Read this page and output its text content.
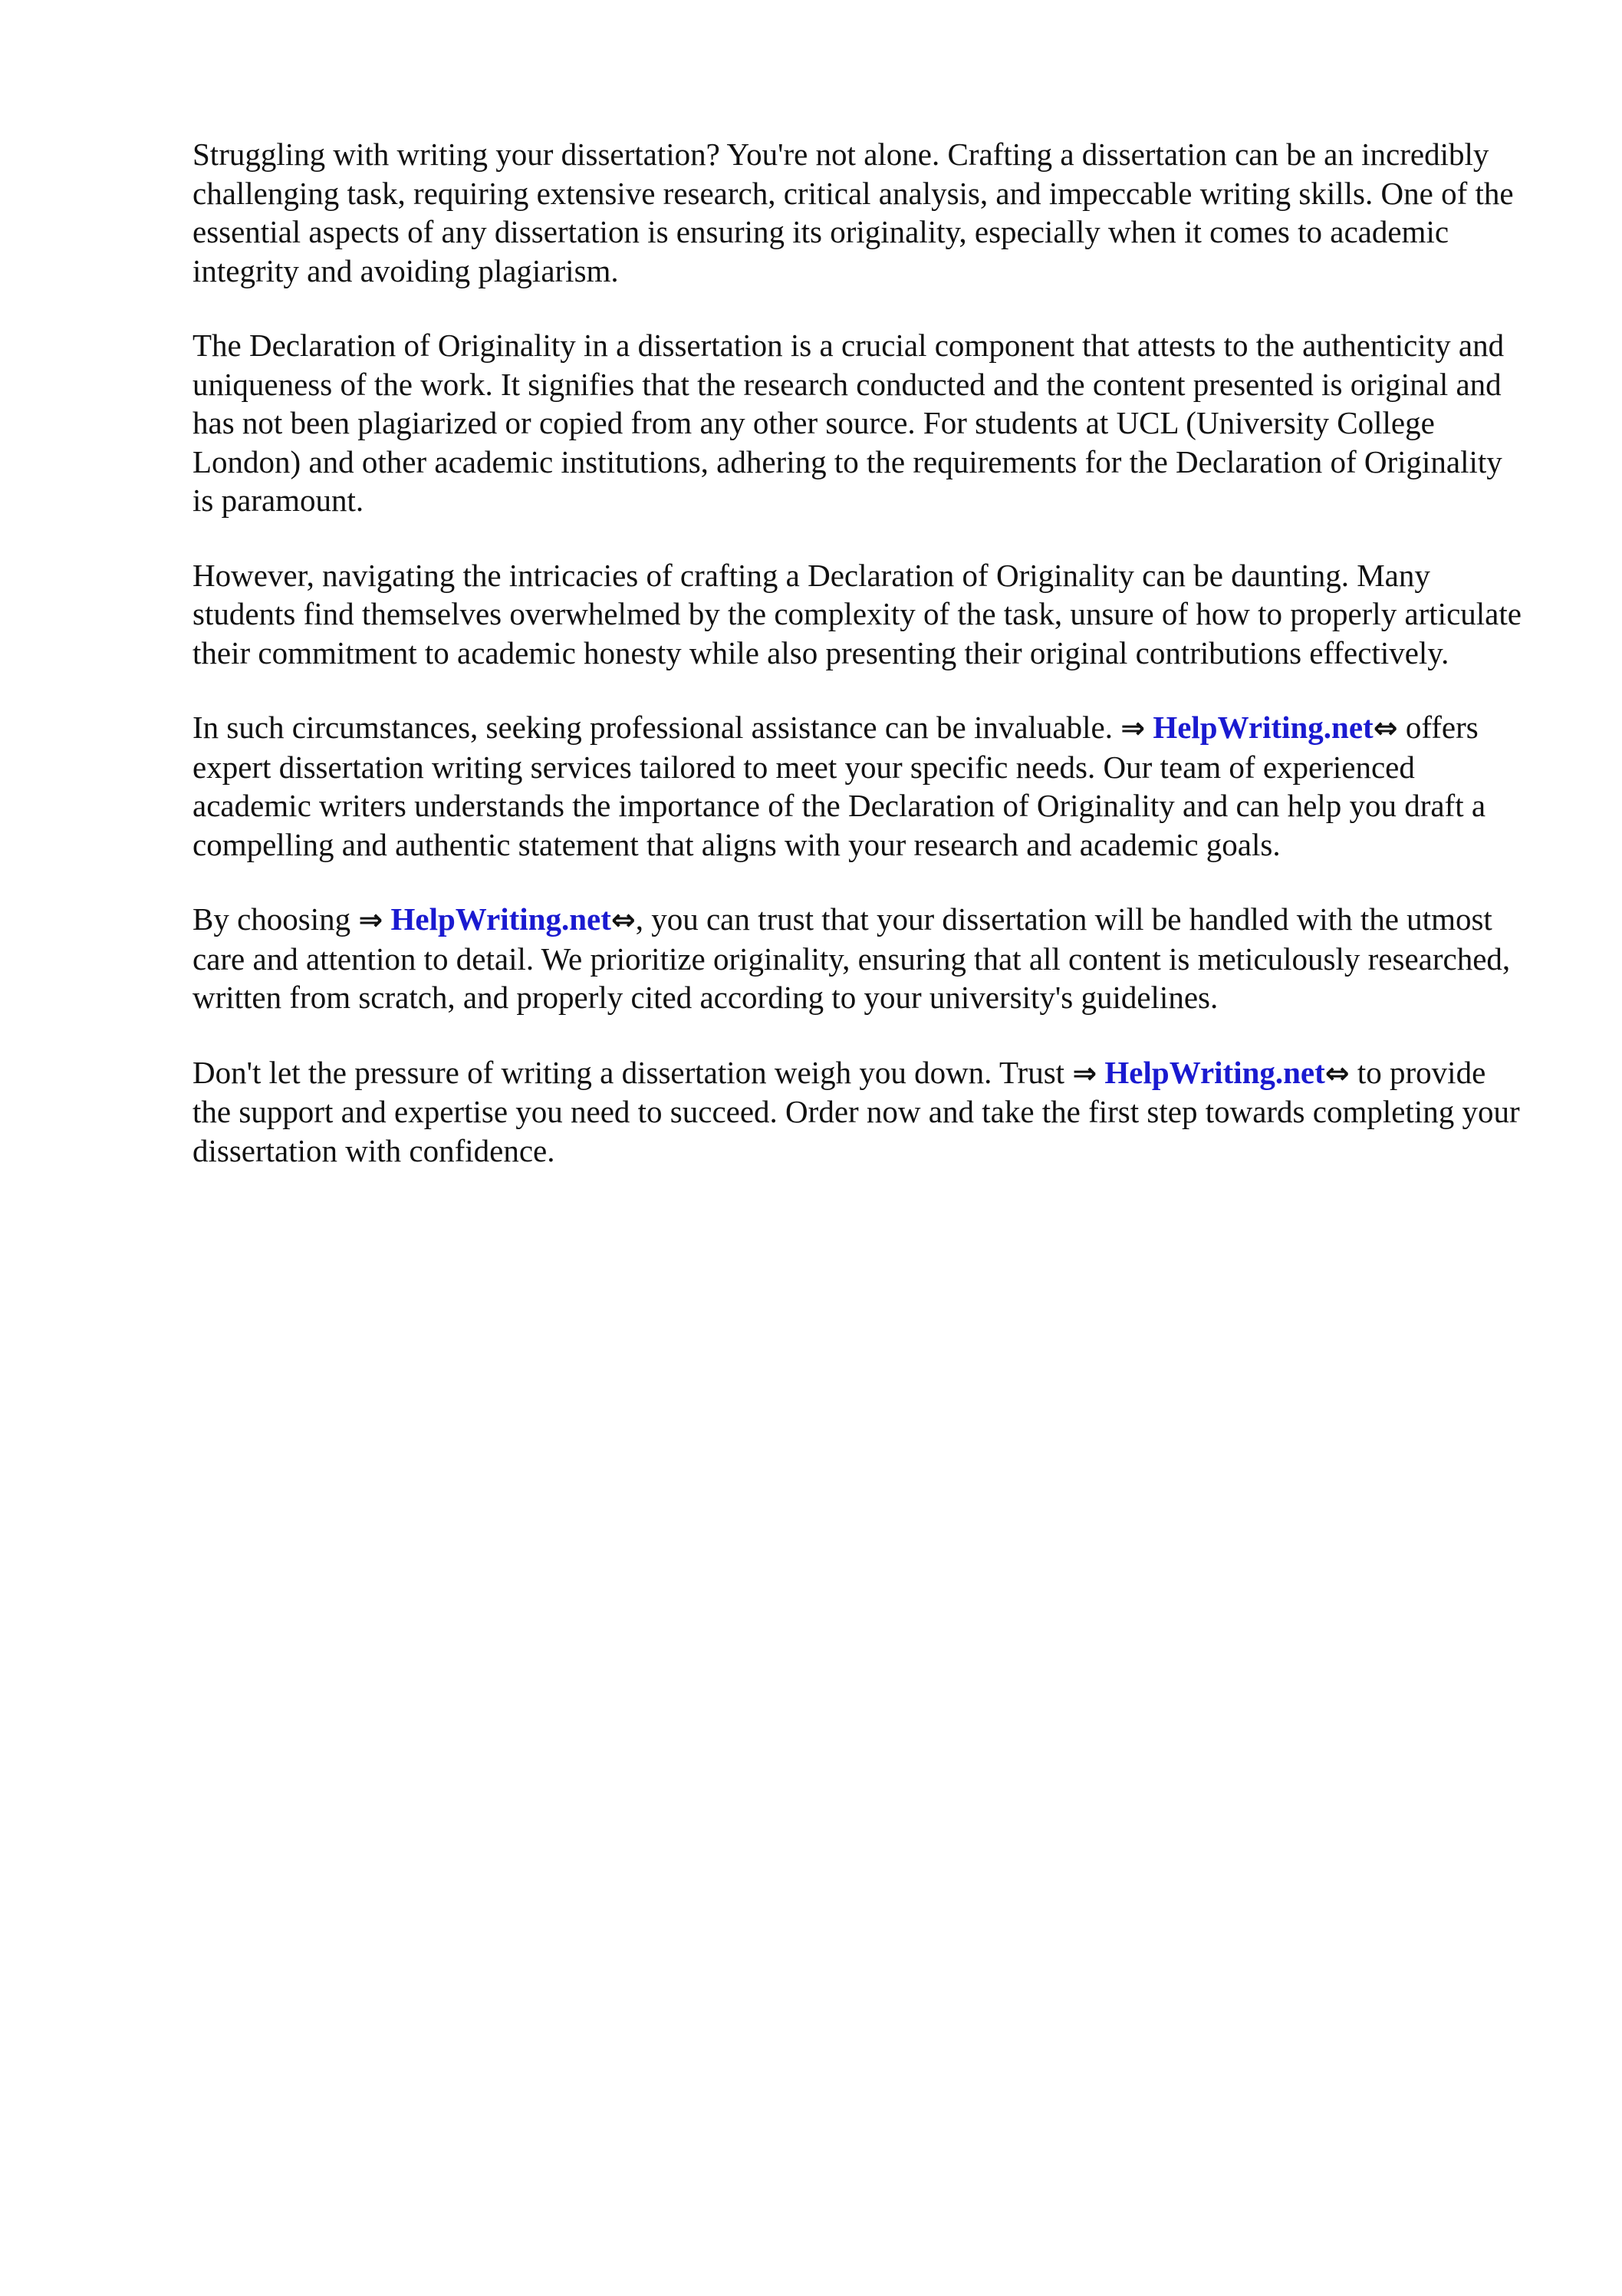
Struggling with writing your dissertation? You're not alone. Crafting a dissertation can be an incredibly challenging task, requiring extensive research, critical analysis, and impeccable writing skills. One of the essential aspects of any dissertation is ensuring its originality, especially when it comes to academic integrity and avoiding plagiarism.

The Declaration of Originality in a dissertation is a crucial component that attests to the authenticity and uniqueness of the work. It signifies that the research conducted and the content presented is original and has not been plagiarized or copied from any other source. For students at UCL (University College London) and other academic institutions, adhering to the requirements for the Declaration of Originality is paramount.

However, navigating the intricacies of crafting a Declaration of Originality can be daunting. Many students find themselves overwhelmed by the complexity of the task, unsure of how to properly articulate their commitment to academic honesty while also presenting their original contributions effectively.

In such circumstances, seeking professional assistance can be invaluable. ⇒ HelpWriting.net⇔ offers expert dissertation writing services tailored to meet your specific needs. Our team of experienced academic writers understands the importance of the Declaration of Originality and can help you draft a compelling and authentic statement that aligns with your research and academic goals.

By choosing ⇒ HelpWriting.net⇔, you can trust that your dissertation will be handled with the utmost care and attention to detail. We prioritize originality, ensuring that all content is meticulously researched, written from scratch, and properly cited according to your university's guidelines.

Don't let the pressure of writing a dissertation weigh you down. Trust ⇒ HelpWriting.net⇔ to provide the support and expertise you need to succeed. Order now and take the first step towards completing your dissertation with confidence.
